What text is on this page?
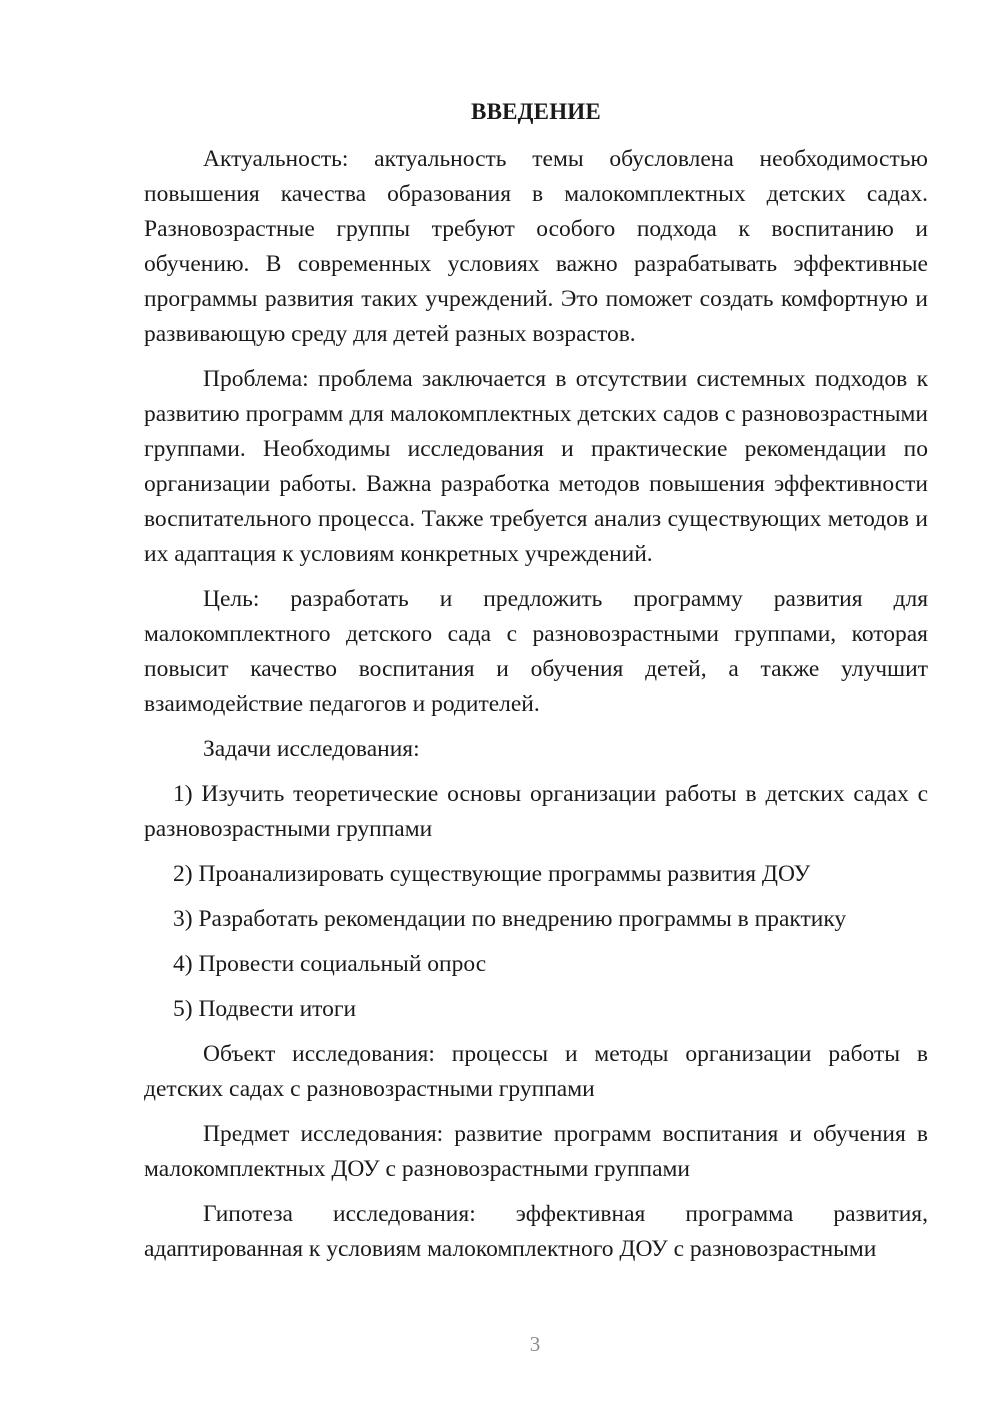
ВВЕДЕНИЕ

Актуальность: актуальность темы обусловлена необходимостью повышения качества образования в малокомплектных детских садах. Разновозрастные группы требуют особого подхода к воспитанию и обучению. В современных условиях важно разрабатывать эффективные программы развития таких учреждений. Это поможет создать комфортную и развивающую среду для детей разных возрастов.

Проблема: проблема заключается в отсутствии системных подходов к развитию программ для малокомплектных детских садов с разновозрастными группами. Необходимы исследования и практические рекомендации по организации работы. Важна разработка методов повышения эффективности воспитательного процесса. Также требуется анализ существующих методов и их адаптация к условиям конкретных учреждений.

Цель: разработать и предложить программу развития для малокомплектного детского сада с разновозрастными группами, которая повысит качество воспитания и обучения детей, а также улучшит взаимодействие педагогов и родителей.

Задачи исследования:

1) Изучить теоретические основы организации работы в детских садах с разновозрастными группами

2) Проанализировать существующие программы развития ДОУ

3) Разработать рекомендации по внедрению программы в практику

4) Провести социальный опрос

5) Подвести итоги

Объект исследования: процессы и методы организации работы в детских садах с разновозрастными группами

Предмет исследования: развитие программ воспитания и обучения в малокомплектных ДОУ с разновозрастными группами

Гипотеза исследования: эффективная программа развития, адаптированная к условиям малокомплектного ДОУ с разновозрастными

3
